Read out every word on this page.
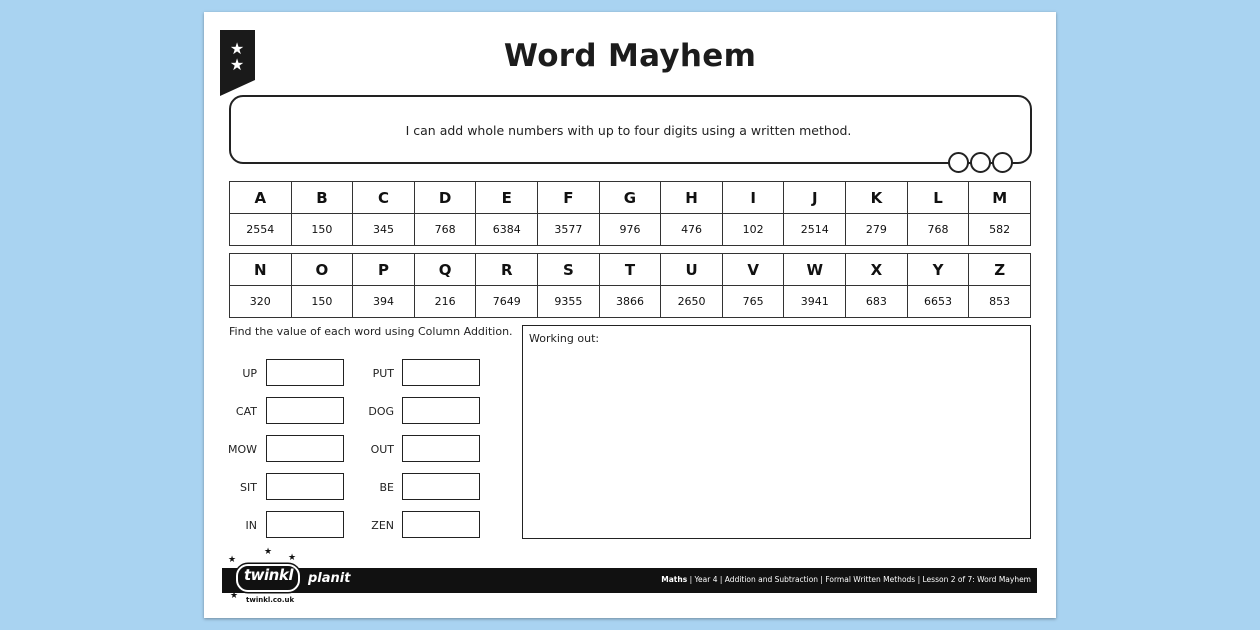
★
★	Word Mayhem
I can add whole numbers with up to four digits using a written method.
A	B	C	D	E	F	G	H	I	J	K	L	M
2554	150	345	768	6384	3577	976	476	102	2514	279	768	582
N	O	P	Q	R	S	T	U	V	W	X	Y	Z
320	150	394	216	7649	9355	3866	2650	765	3941	683	6653	853
Find the value of each word using Column Addition.
UP
CAT
MOW
SIT
IN
PUT
DOG
OUT
BE
ZEN
Working out:
Maths | Year 4 | Addition and Subtraction | Formal Written Methods | Lesson 2 of 7: Word Mayhem
★
★
★
★
twinkl planit
twinkl.co.uk
